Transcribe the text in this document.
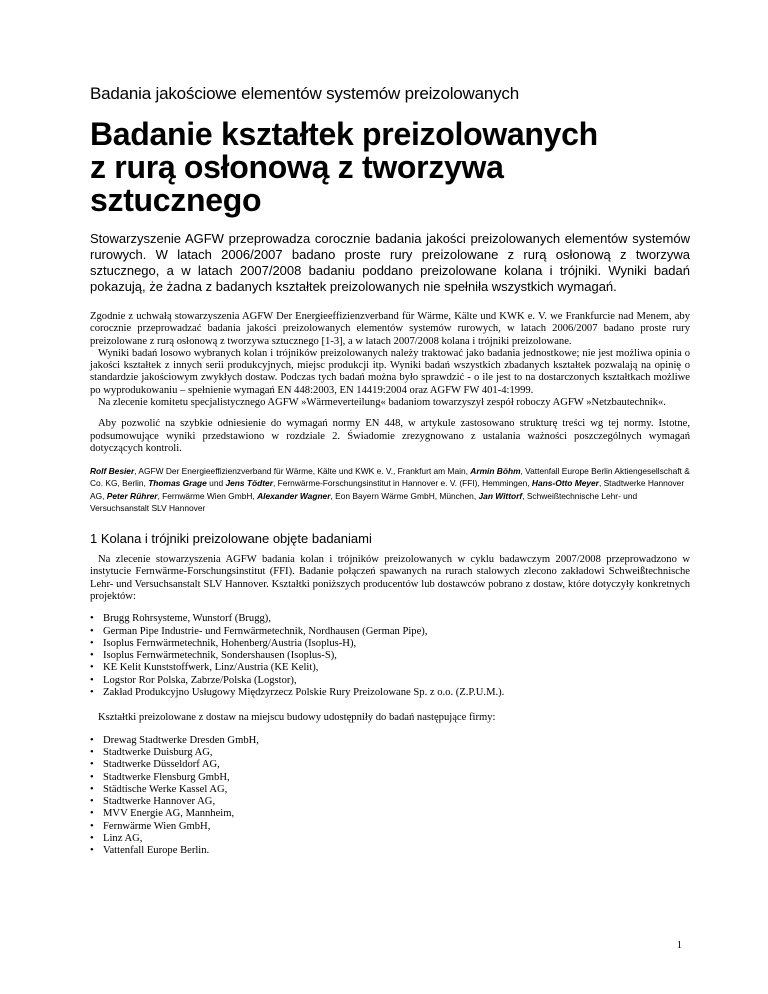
Badania jakościowe elementów systemów preizolowanych
Badanie kształtek preizolowanych
z rurą osłonową z tworzywa
sztucznego

Stowarzyszenie AGFW przeprowadza corocznie badania jakości preizolowanych elementów systemów rurowych. W latach 2006/2007 badano proste rury preizolowane z rurą osłonową z tworzywa sztucznego, a w latach 2007/2008 badaniu poddano preizolowane kolana i trójniki. Wyniki badań pokazują, że żadna z badanych kształtek preizolowanych nie spełniła wszystkich wymagań.

Zgodnie z uchwałą stowarzyszenia AGFW Der Energieeffizienzverband für Wärme, Kälte und KWK e. V. we Frankfurcie nad Menem, aby corocznie przeprowadzać badania jakości preizolowanych elementów systemów rurowych, w latach 2006/2007 badano proste rury preizolowane z rurą osłonową z tworzywa sztucznego [1-3], a w latach 2007/2008 kolana i trójniki preizolowane.

Wyniki badań losowo wybranych kolan i trójników preizolowanych należy traktować jako badania jednostkowe; nie jest możliwa opinia o jakości kształtek z innych serii produkcyjnych, miejsc produkcji itp. Wyniki badań wszystkich zbadanych kształtek pozwalają na opinię o standardzie jakościowym zwykłych dostaw. Podczas tych badań można było sprawdzić - o ile jest to na dostarczonych kształtkach możliwe po wyprodukowaniu – spełnienie wymagań EN 448:2003, EN 14419:2004 oraz AGFW FW 401-4:1999.

Na zlecenie komitetu specjalistycznego AGFW »Wärmeverteilung« badaniom towarzyszył zespół roboczy AGFW »Netzbautechnik«.

Aby pozwolić na szybkie odniesienie do wymagań normy EN 448, w artykule zastosowano strukturę treści wg tej normy. Istotne, podsumowujące wyniki przedstawiono w rozdziale 2. Świadomie zrezygnowano z ustalania ważności poszczególnych wymagań dotyczących kontroli.

Rolf Besier, AGFW Der Energieeffizienzverband für Wärme, Kälte und KWK e. V., Frankfurt am Main, Armin Böhm, Vattenfall Europe Berlin Aktiengesellschaft & Co. KG, Berlin, Thomas Grage und Jens Tödter, Fernwärme-Forschungsinstitut in Hannover e. V. (FFI), Hemmingen, Hans-Otto Meyer, Stadtwerke Hannover AG, Peter Rührer, Fernwärme Wien GmbH, Alexander Wagner, Eon Bayern Wärme GmbH, München, Jan Wittorf, Schweißtechnische Lehr- und Versuchsanstalt SLV Hannover

1 Kolana i trójniki preizolowane objęte badaniami

Na zlecenie stowarzyszenia AGFW badania kolan i trójników preizolowanych w cyklu badawczym 2007/2008 przeprowadzono w instytucie Fernwärme-Forschungsinstitut (FFI). Badanie połączeń spawanych na rurach stalowych zlecono zakładowi Schweißtechnische Lehr- und Versuchsanstalt SLV Hannover. Kształtki poniższych producentów lub dostawców pobrano z dostaw, które dotyczyły konkretnych projektów:

• Brugg Rohrsysteme, Wunstorf (Brugg),
• German Pipe Industrie- und Fernwärmetechnik, Nordhausen (German Pipe),
• Isoplus Fernwärmetechnik, Hohenberg/Austria (Isoplus-H),
• Isoplus Fernwärmetechnik, Sondershausen (Isoplus-S),
• KE Kelit Kunststoffwerk, Linz/Austria (KE Kelit),
• Logstor Ror Polska, Zabrze/Polska (Logstor),
• Zakład Produkcyjno Usługowy Międzyrzecz Polskie Rury Preizolowane Sp. z o.o. (Z.P.U.M.).

Kształtki preizolowane z dostaw na miejscu budowy udostępniły do badań następujące firmy:

• Drewag Stadtwerke Dresden GmbH,
• Stadtwerke Duisburg AG,
• Stadtwerke Düsseldorf AG,
• Stadtwerke Flensburg GmbH,
• Städtische Werke Kassel AG,
• Stadtwerke Hannover AG,
• MVV Energie AG, Mannheim,
• Fernwärme Wien GmbH,
• Linz AG,
• Vattenfall Europe Berlin.
1
